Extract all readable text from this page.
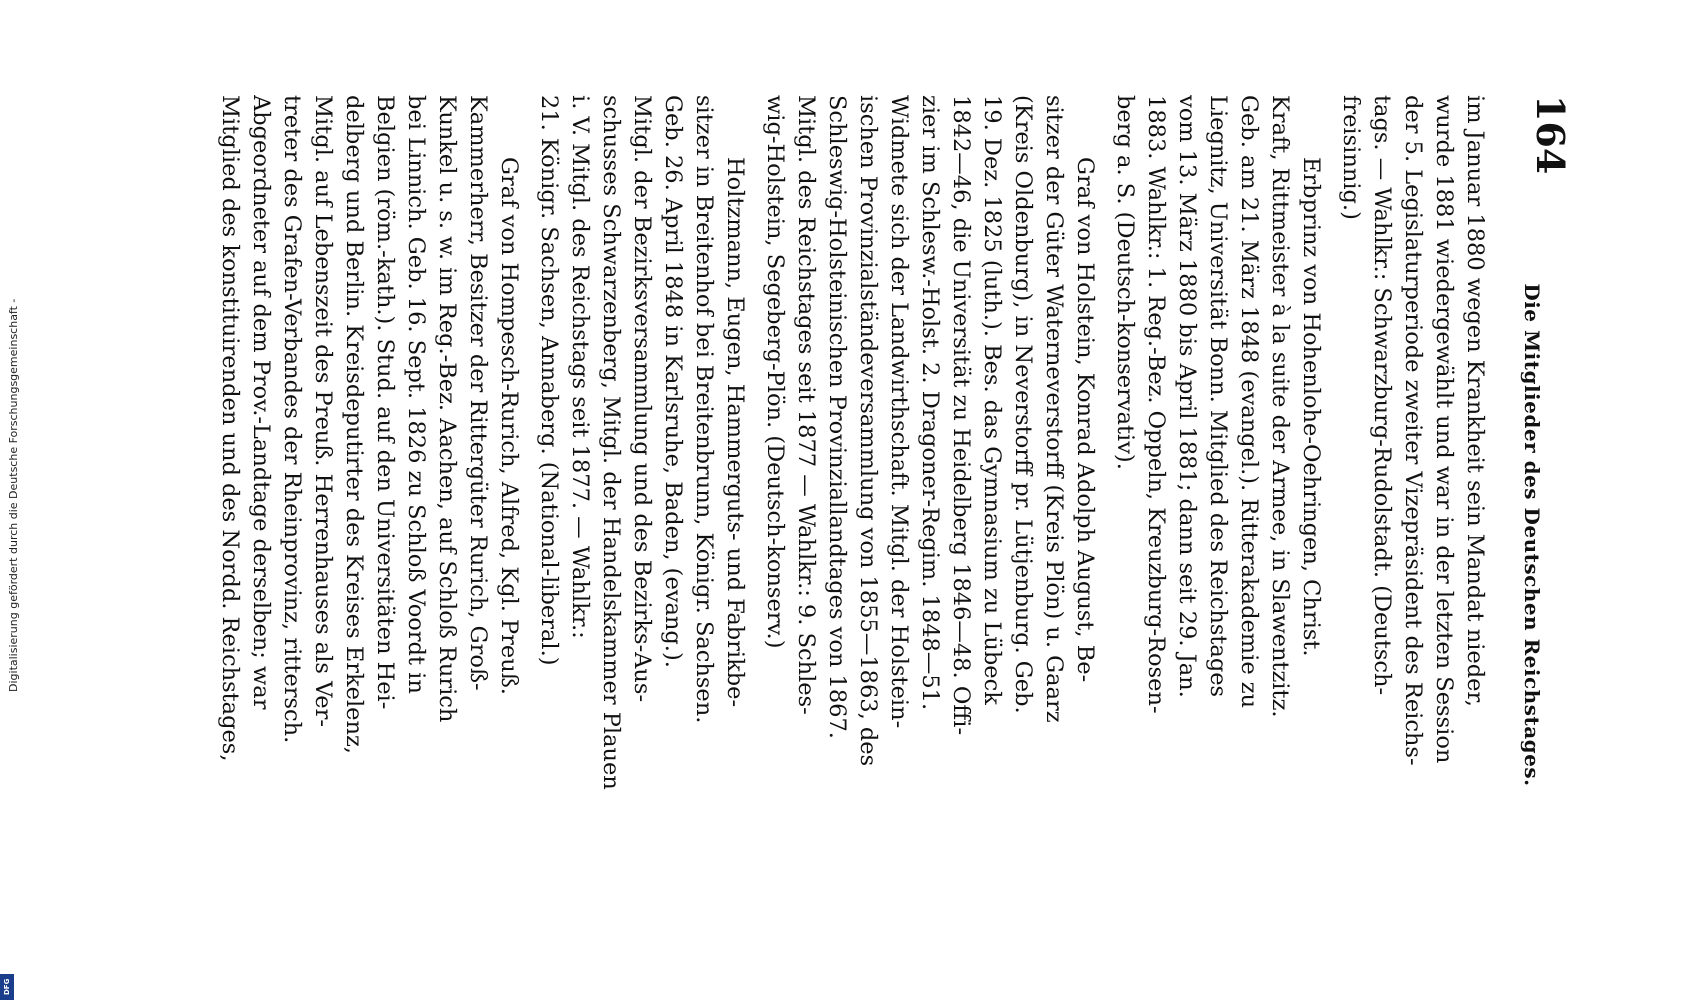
164
Die Mitglieder des Deutschen Reichstages.
im Januar 1880 wegen Krankheit sein Mandat nieder,
wurde 1881 wiedergewählt und war in der letzten Session
der 5. Legislaturperiode zweiter Vizepräsident des Reichs-
tags. — Wahlkr.: Schwarzburg-Rudolstadt. (Deutsch-
freisinnig.)
Erbprinz von Hohenlohe-Oehringen, Christ.
Kraft, Rittmeister à la suite der Armee, in Slawentzitz.
Geb. am 21. März 1848 (evangel.). Ritterakademie zu
Liegnitz, Universität Bonn. Mitglied des Reichstages
vom 13. März 1880 bis April 1881; dann seit 29. Jan.
1883. Wahlkr.: 1. Reg.-Bez. Oppeln, Kreuzburg-Rosen-
berg a. S. (Deutsch-konservativ).
Graf von Holstein, Konrad Adolph August, Be-
sitzer der Güter Waterneverstorff (Kreis Plön) u. Gaarz
(Kreis Oldenburg), in Neverstorff pr. Lütjenburg. Geb.
19. Dez. 1825 (luth.). Bes. das Gymnasium zu Lübeck
1842—46, die Universität zu Heidelberg 1846—48. Offi-
zier im Schlesw.-Holst. 2. Dragoner-Regim. 1848—51.
Widmete sich der Landwirthschaft. Mitgl. der Holstein-
ischen Provinzialständeversammlung von 1855—1863, des
Schleswig-Holsteinischen Provinziallandtages von 1867.
Mitgl. des Reichstages seit 1877 — Wahlkr.: 9. Schles-
wig-Holstein, Segeberg-Plön. (Deutsch-konserv.)
Holtzmann, Eugen, Hammerguts- und Fabrikbe-
sitzer in Breitenhof bei Breitenbrunn, Königr. Sachsen.
Geb. 26. April 1848 in Karlsruhe, Baden, (evang.).
Mitgl. der Bezirksversammlung und des Bezirks-Aus-
schusses Schwarzenberg, Mitgl. der Handelskammer Plauen
i. V. Mitgl. des Reichstags seit 1877. — Wahlkr.:
21. Königr. Sachsen, Annaberg. (National-liberal.)
Graf von Hompesch-Rurich, Alfred, Kgl. Preuß.
Kammerherr, Besitzer der Rittergüter Rurich, Groß-
Kunkel u. s. w. im Reg.-Bez. Aachen, auf Schloß Rurich
bei Linnich. Geb. 16. Sept. 1826 zu Schloß Voordt in
Belgien (röm.-kath.). Stud. auf den Universitäten Hei-
delberg und Berlin. Kreisdeputirter des Kreises Erkelenz,
Mitgl. auf Lebenszeit des Preuß. Herrenhauses als Ver-
treter des Grafen-Verbandes der Rheinprovinz, rittersch.
Abgeordneter auf dem Prov.-Landtage derselben; war
Mitglied des konstituirenden und des Nordd. Reichstages,
Digitalisierung gefördert durch die Deutsche Forschungsgemeinschaft -
DFG
